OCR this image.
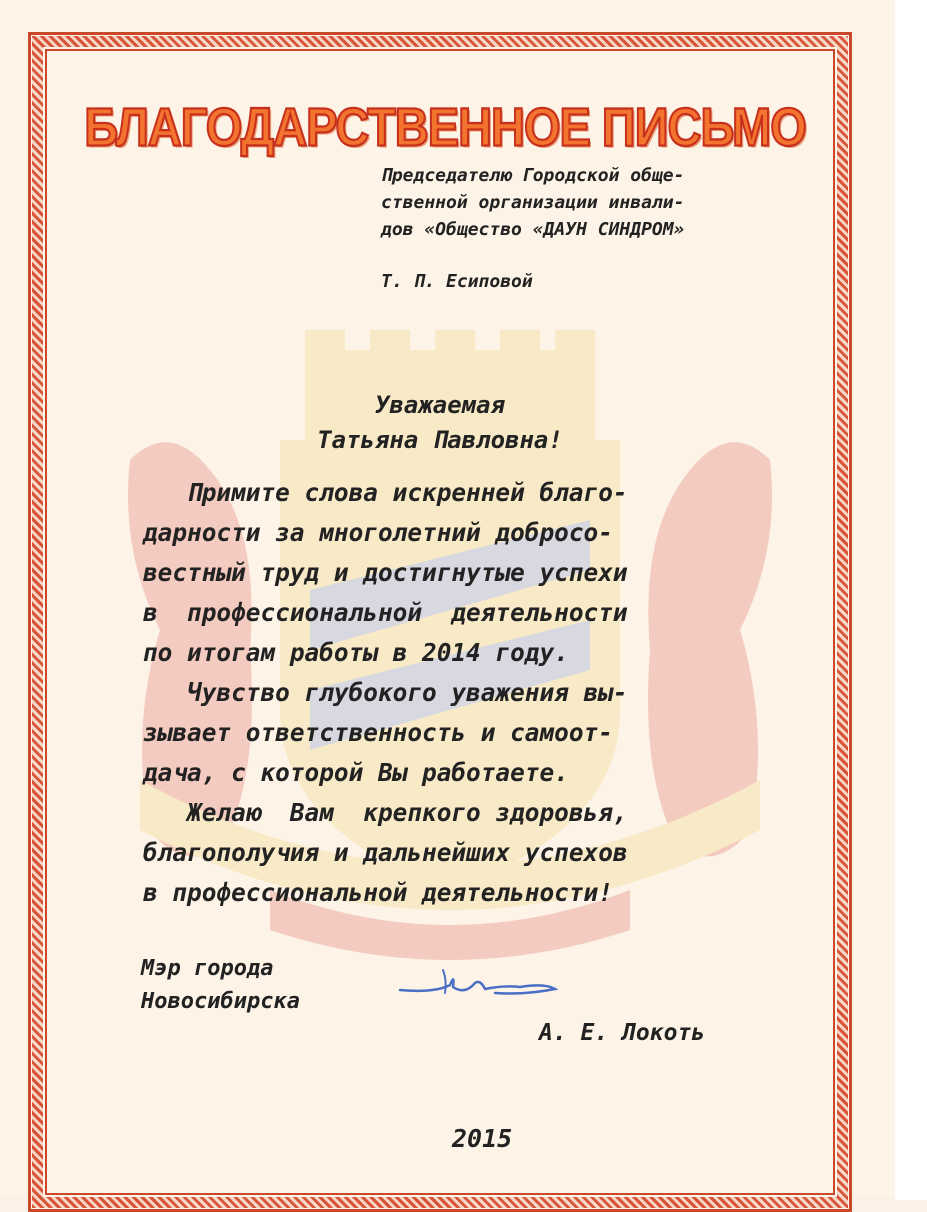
БЛАГОДАРСТВЕННОЕ ПИСЬМО
Председателю Городской обще-
ственной организации инвали-
дов «Общество «ДАУН СИНДРОМ»
Т. П. Есиповой
Уважаемая
Татьяна Павловна!
Примите слова искренней благо-
дарности за многолетний добросо-
вестный труд и достигнутые успехи
в  профессиональной  деятельности
по итогам работы в 2014 году.
Чувство глубокого уважения вы-
зывает ответственность и самоот-
дача, с которой Вы работаете.
Желаю  Вам  крепкого здоровья,
благополучия и дальнейших успехов
в профессиональной деятельности!
Мэр города
Новосибирска
А. Е. Локоть
2015
